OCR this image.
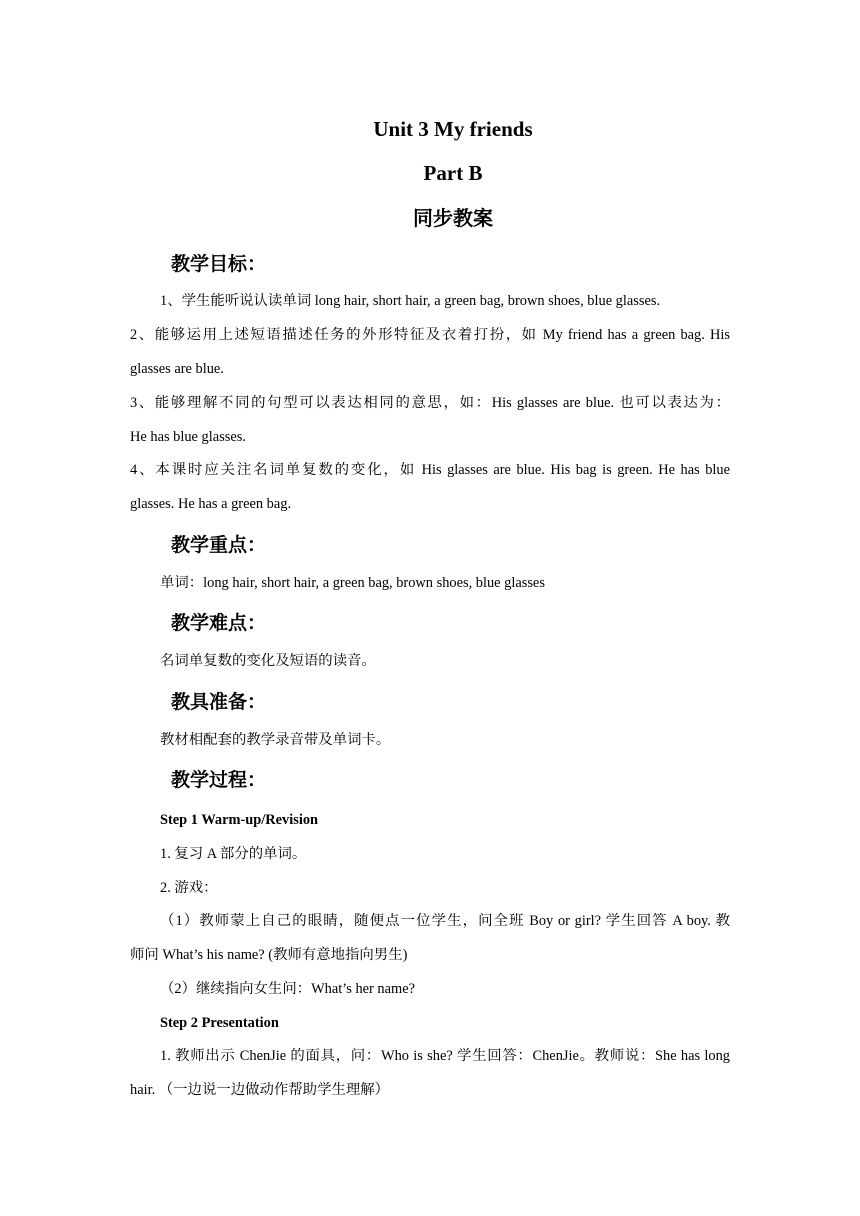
Unit 3 My friends
Part B
同步教案
教学目标：
1、学生能听说认读单词 long hair, short hair, a green bag, brown shoes, blue glasses.
2、能够运用上述短语描述任务的外形特征及衣着打扮，如 My friend has a green bag. His
glasses are blue.
3、能够理解不同的句型可以表达相同的意思，如：His glasses are blue. 也可以表达为：
He has blue glasses.
4、本课时应关注名词单复数的变化，如 His glasses are blue. His bag is green. He has blue
glasses. He has a green bag.
教学重点：
单词：long hair, short hair, a green bag, brown shoes, blue glasses
教学难点：
名词单复数的变化及短语的读音。
教具准备：
教材相配套的教学录音带及单词卡。
教学过程：
Step 1 Warm-up/Revision
1. 复习 A 部分的单词。
2. 游戏：
（1）教师蒙上自己的眼睛，随便点一位学生，问全班 Boy or girl? 学生回答 A boy. 教
师问 What’s his name? (教师有意地指向男生)
（2）继续指向女生问：What’s her name?
Step 2 Presentation
1. 教师出示 ChenJie 的面具，问：Who is she? 学生回答：ChenJie。教师说：She has long
hair. （一边说一边做动作帮助学生理解）
